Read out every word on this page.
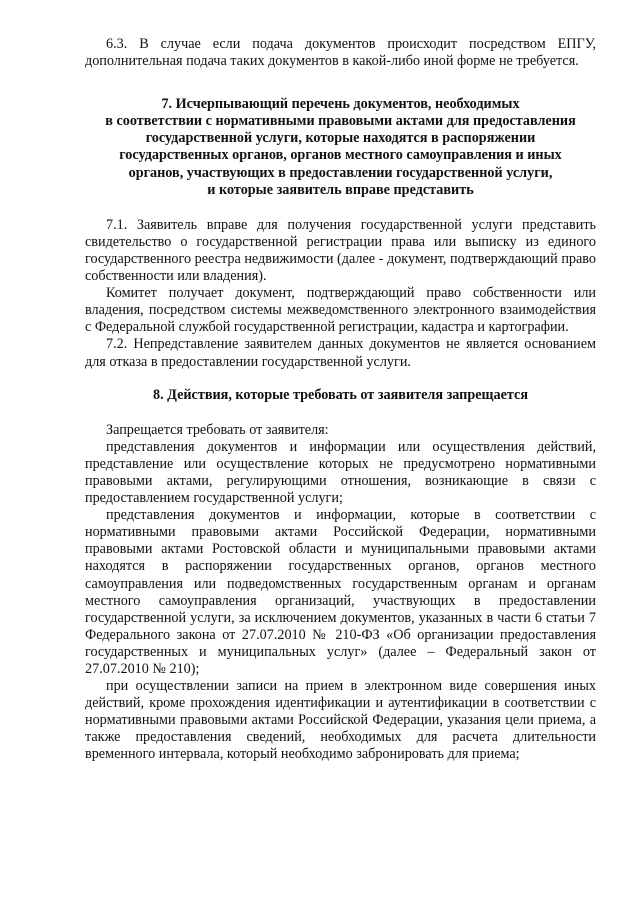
6.3. В случае если подача документов происходит посредством ЕПГУ, дополнительная подача таких документов в какой-либо иной форме не требуется.

7. Исчерпывающий перечень документов, необходимых
в соответствии с нормативными правовыми актами для предоставления
государственной услуги, которые находятся в распоряжении
государственных органов, органов местного самоуправления и иных
органов, участвующих в предоставлении государственной услуги,
и которые заявитель вправе представить

7.1. Заявитель вправе для получения государственной услуги представить свидетельство о государственной регистрации права или выписку из единого государственного реестра недвижимости (далее - документ, подтверждающий право собственности или владения).

Комитет получает документ, подтверждающий право собственности или владения, посредством системы межведомственного электронного взаимодействия с Федеральной службой государственной регистрации, кадастра и картографии.

7.2. Непредставление заявителем данных документов не является основанием для отказа в предоставлении государственной услуги.

8. Действия, которые требовать от заявителя запрещается

Запрещается требовать от заявителя:

представления документов и информации или осуществления действий, представление или осуществление которых не предусмотрено нормативными правовыми актами, регулирующими отношения, возникающие в связи с предоставлением государственной услуги;

представления документов и информации, которые в соответствии с нормативными правовыми актами Российской Федерации, нормативными правовыми актами Ростовской области и муниципальными правовыми актами находятся в распоряжении государственных органов, органов местного самоуправления или подведомственных государственным органам и органам местного самоуправления организаций, участвующих в предоставлении государственной услуги, за исключением документов, указанных в части 6 статьи 7 Федерального закона от 27.07.2010 № 210-ФЗ «Об организации предоставления государственных и муниципальных услуг» (далее – Федеральный закон от 27.07.2010 № 210);

при осуществлении записи на прием в электронном виде совершения иных действий, кроме прохождения идентификации и аутентификации в соответствии с нормативными правовыми актами Российской Федерации, указания цели приема, а также предоставления сведений, необходимых для расчета длительности временного интервала, который необходимо забронировать для приема;
